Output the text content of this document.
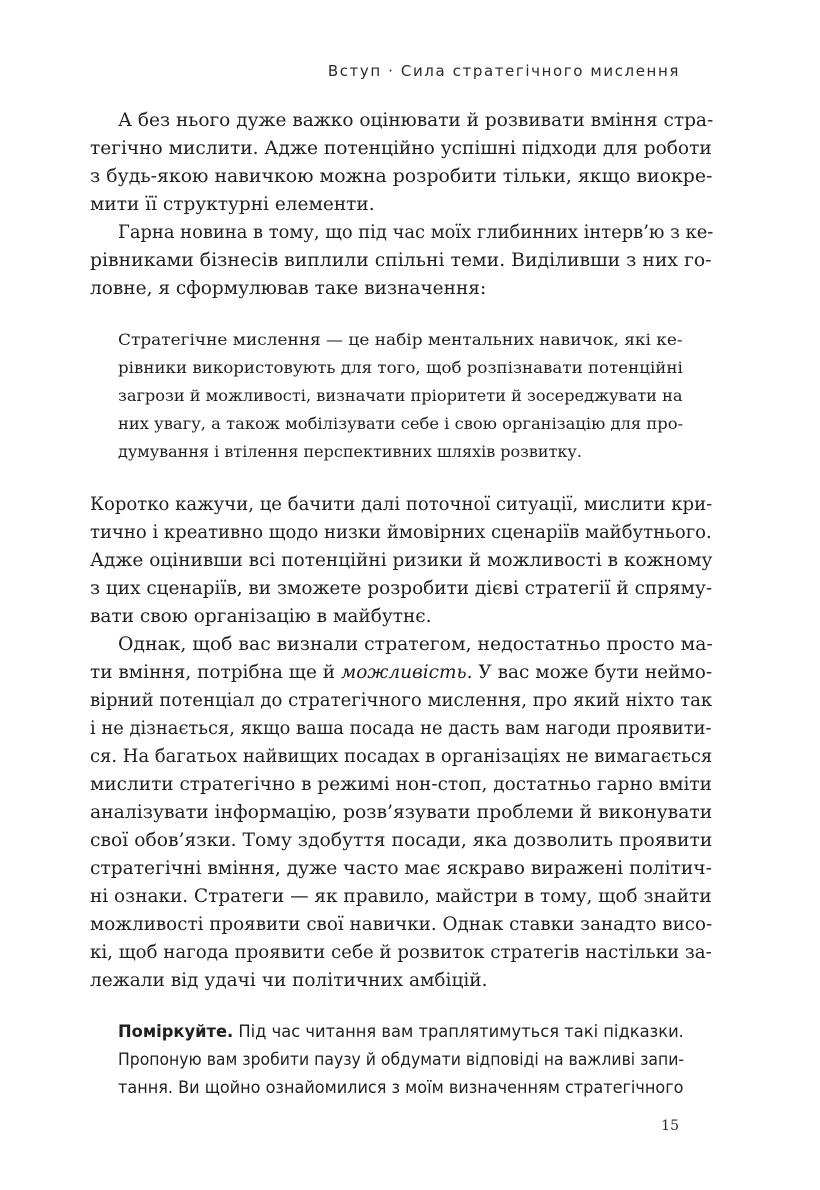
Вступ · Сила стратегічного мислення
А без нього дуже важко оцінювати й розвивати вміння стра-
тегічно мислити. Адже потенційно успішні підходи для роботи
з будь-якою навичкою можна розробити тільки, якщо виокре-
мити її структурні елементи.
Гарна новина в тому, що під час моїх глибинних інтерв’ю з ке-
рівниками бізнесів виплили спільні теми. Виділивши з них го-
ловне, я сформулював таке визначення:
Стратегічне мислення — це набір ментальних навичок, які ке-
рівники використовують для того, щоб розпізнавати потенційні
загрози й можливості, визначати пріоритети й зосереджувати на
них увагу, а також мобілізувати себе і свою організацію для про-
думування і втілення перспективних шляхів розвитку.
Коротко кажучи, це бачити далі поточної ситуації, мислити кри-
тично і креативно щодо низки ймовірних сценаріїв майбутнього.
Адже оцінивши всі потенційні ризики й можливості в кожному
з цих сценаріїв, ви зможете розробити дієві стратегії й спряму-
вати свою організацію в майбутнє.
Однак, щоб вас визнали стратегом, недостатньо просто ма-
ти вміння, потрібна ще й можливість. У вас може бути неймо-
вірний потенціал до стратегічного мислення, про який ніхто так
і не дізнається, якщо ваша посада не дасть вам нагоди проявити-
ся. На багатьох найвищих посадах в організаціях не вимагається
мислити стратегічно в режимі нон-стоп, достатньо гарно вміти
аналізувати інформацію, розв’язувати проблеми й виконувати
свої обов’язки. Тому здобуття посади, яка дозволить проявити
стратегічні вміння, дуже часто має яскраво виражені політич-
ні ознаки. Стратеги — як правило, майстри в тому, щоб знайти
можливості проявити свої навички. Однак ставки занадто висо-
кі, щоб нагода проявити себе й розвиток стратегів настільки за-
лежали від удачі чи політичних амбіцій.
Поміркуйте. Під час читання вам траплятимуться такі підказки.
Пропоную вам зробити паузу й обдумати відповіді на важливі запи-
тання. Ви щойно ознайомилися з моїм визначенням стратегічного
15
